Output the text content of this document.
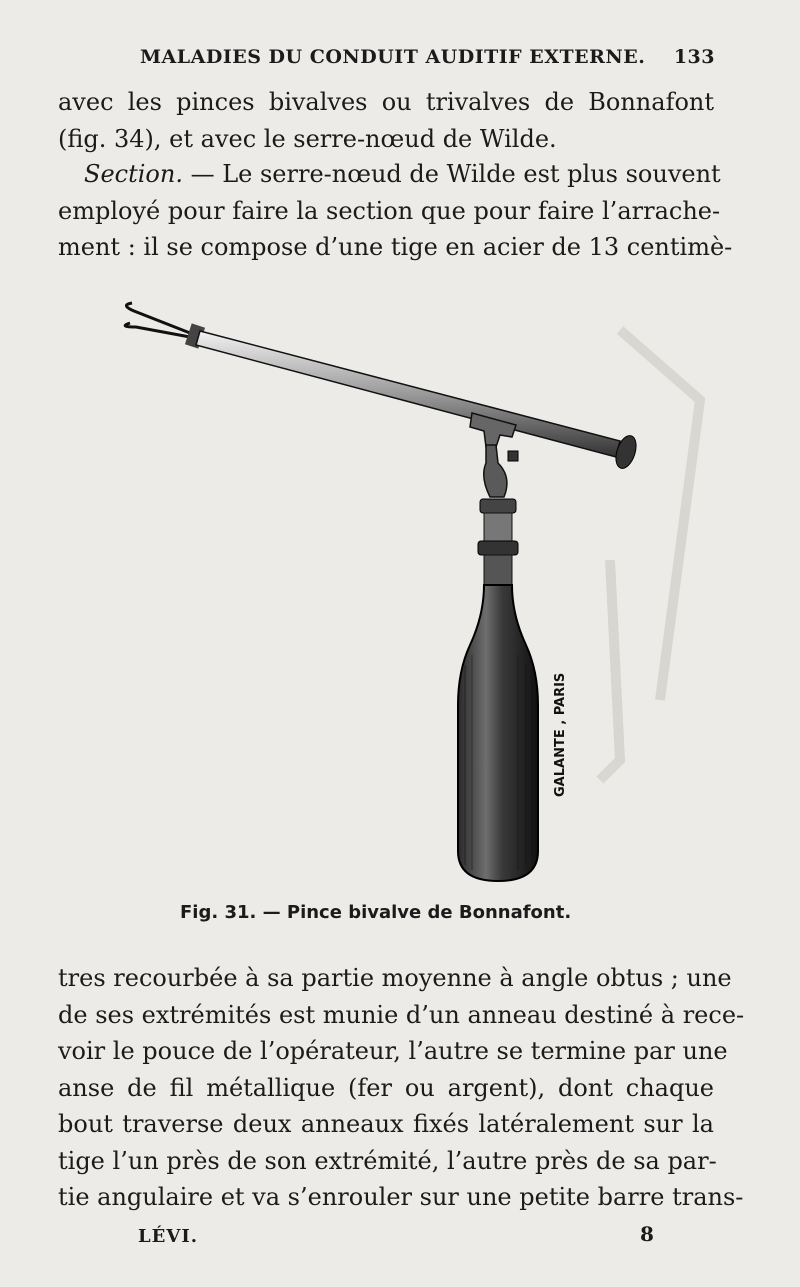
MALADIES DU CONDUIT AUDITIF EXTERNE. 133
avec les pinces bivalves ou trivalves de Bonnafont
(fig. 34), et avec le serre-nœud de Wilde.
Section. — Le serre-nœud de Wilde est plus souvent
employé pour faire la section que pour faire l’arrache-
ment : il se compose d’une tige en acier de 13 centimè-
GALANTE , PARIS
Fig. 31. — Pince bivalve de Bonnafont.
tres recourbée à sa partie moyenne à angle obtus ; une
de ses extrémités est munie d’un anneau destiné à rece-
voir le pouce de l’opérateur, l’autre se termine par une
anse de fil métallique (fer ou argent), dont chaque
bout traverse deux anneaux fixés latéralement sur la
tige l’un près de son extrémité, l’autre près de sa par-
tie angulaire et va s’enrouler sur une petite barre trans-
LÉVI.	8
